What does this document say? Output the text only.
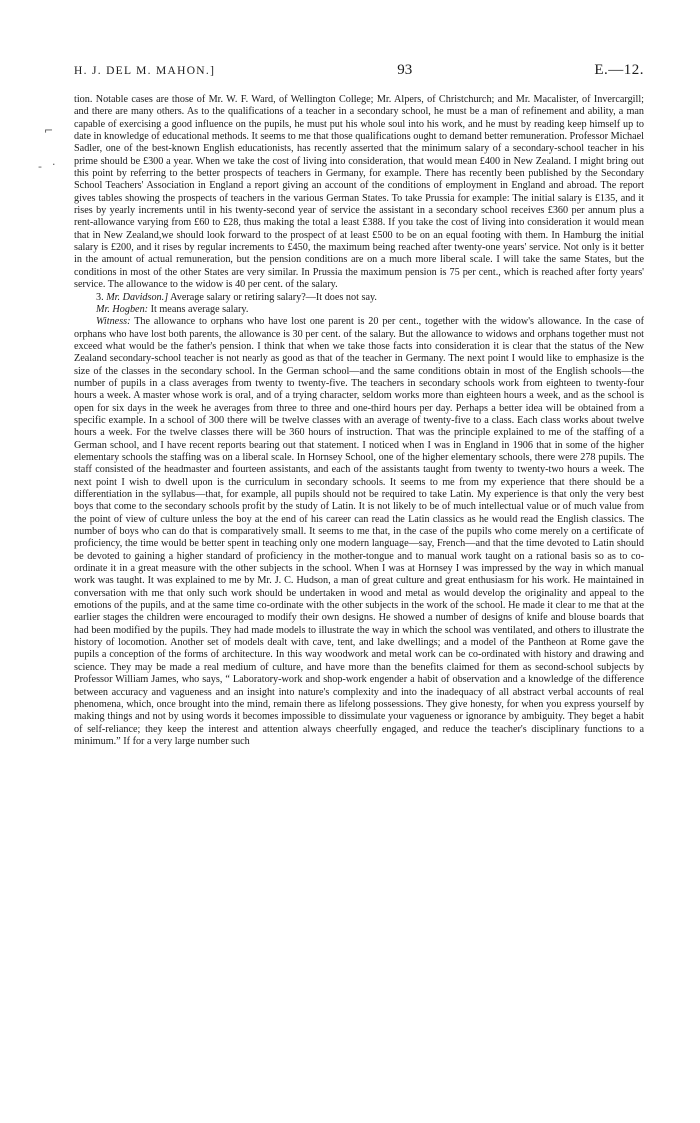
H. J. DEL M. MAHON.]	93	E.—12.
⌐
- ·

tion. Notable cases are those of Mr. W. F. Ward, of Wellington College; Mr. Alpers, of Christchurch; and Mr. Macalister, of Invercargill; and there are many others. As to the qualifications of a teacher in a secondary school, he must be a man of refinement and ability, a man capable of exercising a good influence on the pupils, he must put his whole soul into his work, and he must by reading keep himself up to date in knowledge of educational methods. It seems to me that those qualifications ought to demand better remuneration. Professor Michael Sadler, one of the best-known English educationists, has recently asserted that the minimum salary of a secondary-school teacher in his prime should be £300 a year. When we take the cost of living into consideration, that would mean £400 in New Zealand. I might bring out this point by referring to the better prospects of teachers in Germany, for example. There has recently been published by the Secondary School Teachers' Association in England a report giving an account of the conditions of employment in England and abroad. The report gives tables showing the prospects of teachers in the various German States. To take Prussia for example: The initial salary is £135, and it rises by yearly increments until in his twenty-second year of service the assistant in a secondary school receives £360 per annum plus a rent-allowance varying from £60 to £28, thus making the total a least £388. If you take the cost of living into consideration it would mean that in New Zealand,we should look forward to the prospect of at least £500 to be on an equal footing with them. In Hamburg the initial salary is £200, and it rises by regular increments to £450, the maximum being reached after twenty-one years' service. Not only is it better in the amount of actual remuneration, but the pension conditions are on a much more liberal scale. I will take the same States, but the conditions in most of the other States are very similar. In Prussia the maximum pension is 75 per cent., which is reached after forty years' service. The allowance to the widow is 40 per cent. of the salary.

3. Mr. Davidson.] Average salary or retiring salary?—It does not say.

Mr. Hogben: It means average salary.

Witness: The allowance to orphans who have lost one parent is 20 per cent., together with the widow's allowance. In the case of orphans who have lost both parents, the allowance is 30 per cent. of the salary. But the allowance to widows and orphans together must not exceed what would be the father's pension. I think that when we take those facts into consideration it is clear that the status of the New Zealand secondary-school teacher is not nearly as good as that of the teacher in Germany. The next point I would like to emphasize is the size of the classes in the secondary school. In the German school—and the same conditions obtain in most of the English schools—the number of pupils in a class averages from twenty to twenty-five. The teachers in secondary schools work from eighteen to twenty-four hours a week. A master whose work is oral, and of a trying character, seldom works more than eighteen hours a week, and as the school is open for six days in the week he averages from three to three and one-third hours per day. Perhaps a better idea will be obtained from a specific example. In a school of 300 there will be twelve classes with an average of twenty-five to a class. Each class works about twelve hours a week. For the twelve classes there will be 360 hours of instruction. That was the principle explained to me of the staffing of a German school, and I have recent reports bearing out that statement. I noticed when I was in England in 1906 that in some of the higher elementary schools the staffing was on a liberal scale. In Hornsey School, one of the higher elementary schools, there were 278 pupils. The staff consisted of the headmaster and fourteen assistants, and each of the assistants taught from twenty to twenty-two hours a week. The next point I wish to dwell upon is the curriculum in secondary schools. It seems to me from my experience that there should be a differentiation in the syllabus—that, for example, all pupils should not be required to take Latin. My experience is that only the very best boys that come to the secondary schools profit by the study of Latin. It is not likely to be of much intellectual value or of much value from the point of view of culture unless the boy at the end of his career can read the Latin classics as he would read the English classics. The number of boys who can do that is comparatively small. It seems to me that, in the case of the pupils who come merely on a certificate of proficiency, the time would be better spent in teaching only one modern language—say, French—and that the time devoted to Latin should be devoted to gaining a higher standard of proficiency in the mother-tongue and to manual work taught on a rational basis so as to co-ordinate it in a great measure with the other subjects in the school. When I was at Hornsey I was impressed by the way in which manual work was taught. It was explained to me by Mr. J. C. Hudson, a man of great culture and great enthusiasm for his work. He maintained in conversation with me that only such work should be undertaken in wood and metal as would develop the originality and appeal to the emotions of the pupils, and at the same time co-ordinate with the other subjects in the work of the school. He made it clear to me that at the earlier stages the children were encouraged to modify their own designs. He showed a number of designs of knife and blouse boards that had been modified by the pupils. They had made models to illustrate the way in which the school was ventilated, and others to illustrate the history of locomotion. Another set of models dealt with cave, tent, and lake dwellings; and a model of the Pantheon at Rome gave the pupils a conception of the forms of architecture. In this way woodwork and metal work can be co-ordinated with history and drawing and science. They may be made a real medium of culture, and have more than the benefits claimed for them as second-school subjects by Professor William James, who says, “ Laboratory-work and shop-work engender a habit of observation and a knowledge of the difference between accuracy and vagueness and an insight into nature's complexity and into the inadequacy of all abstract verbal accounts of real phenomena, which, once brought into the mind, remain there as lifelong possessions. They give honesty, for when you express yourself by making things and not by using words it becomes impossible to dissimulate your vagueness or ignorance by ambiguity. They beget a habit of self-reliance; they keep the interest and attention always cheerfully engaged, and reduce the teacher's disciplinary functions to a minimum.” If for a very large number such
